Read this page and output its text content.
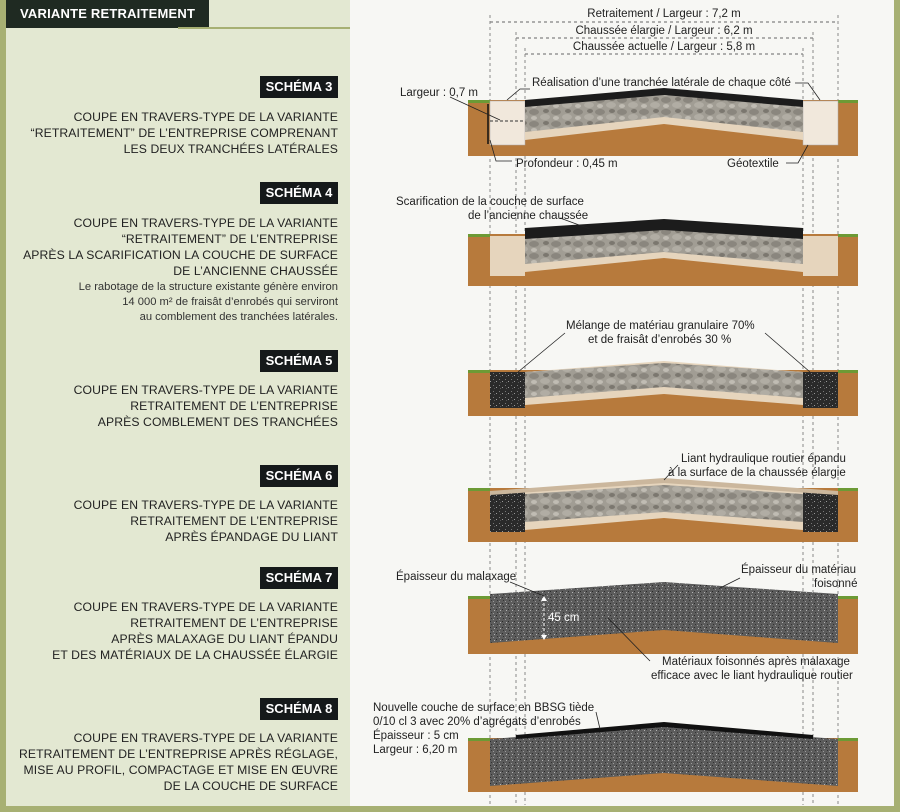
VARIANTE RETRAITEMENT
SCHÉMA 3
COUPE EN TRAVERS-TYPE DE LA VARIANTE
“RETRAITEMENT” DE L’ENTREPRISE COMPRENANT
LES DEUX TRANCHÉES LATÉRALES
SCHÉMA 4
COUPE EN TRAVERS-TYPE DE LA VARIANTE
“RETRAITEMENT” DE L’ENTREPRISE
APRÈS LA SCARIFICATION LA COUCHE DE SURFACE
DE L’ANCIENNE CHAUSSÉE
Le rabotage de la structure existante génère environ
14 000 m² de fraisât d’enrobés qui serviront
au comblement des tranchées latérales.
SCHÉMA 5
COUPE EN TRAVERS-TYPE DE LA VARIANTE
RETRAITEMENT DE L’ENTREPRISE
APRÈS COMBLEMENT DES TRANCHÉES
SCHÉMA 6
COUPE EN TRAVERS-TYPE DE LA VARIANTE
RETRAITEMENT DE L’ENTREPRISE
APRÈS ÉPANDAGE DU LIANT
SCHÉMA 7
COUPE EN TRAVERS-TYPE DE LA VARIANTE
RETRAITEMENT DE L’ENTREPRISE
APRÈS MALAXAGE DU LIANT ÉPANDU
ET DES MATÉRIAUX DE LA CHAUSSÉE ÉLARGIE
SCHÉMA 8
COUPE EN TRAVERS-TYPE DE LA VARIANTE
RETRAITEMENT DE L’ENTREPRISE APRÈS RÉGLAGE,
MISE AU PROFIL, COMPACTAGE ET MISE EN ŒUVRE
DE LA COUCHE DE SURFACE
Retraitement / Largeur : 7,2 m
Chaussée élargie / Largeur : 6,2 m
Chaussée actuelle / Largeur : 5,8 m
Largeur : 0,7 m
Réalisation d’une tranchée latérale de chaque côté
Profondeur : 0,45 m	Géotextile
Scarification de la couche de surface
de l’ancienne chaussée
Mélange de matériau granulaire 70%
et de fraisât d’enrobés 30 %
Liant hydraulique routier épandu
à la surface de la chaussée élargie
Épaisseur du malaxage
Épaisseur du matériau
foisonné
45 cm
Matériaux foisonnés après malaxage
efficace avec le liant hydraulique routier
Nouvelle couche de surface en BBSG tiède
0/10 cl 3 avec 20% d’agrégats d’enrobés
Épaisseur : 5 cm
Largeur : 6,20 m
